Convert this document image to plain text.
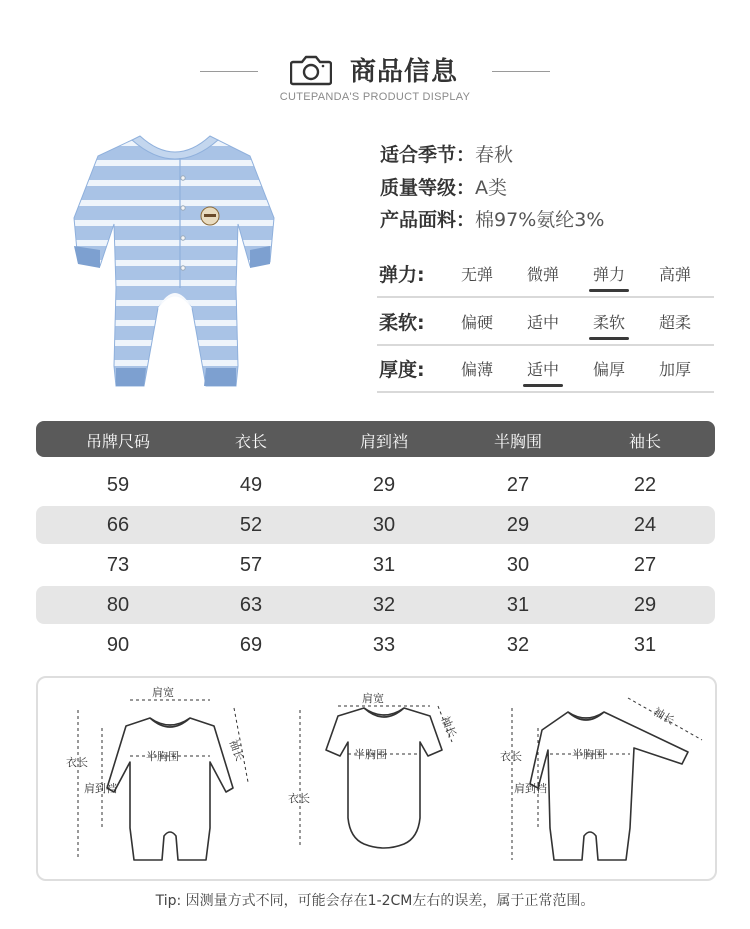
商品信息
CUTEPANDA'S PRODUCT DISPLAY
适合季节：春秋
质量等级：A类
产品面料：棉97%氨纶3%
弹力:	无弹	微弹	弹力	高弹
柔软:	偏硬	适中	柔软	超柔
厚度:	偏薄	适中	偏厚	加厚
吊牌尺码	衣长	肩到裆	半胸围	袖长
59	49	29	27	22
66	52	30	29	24
73	57	31	30	27
80	63	32	31	29
90	69	33	32	31
肩宽
半胸围
衣长
肩到裆
袖长
肩宽
半胸围
衣长
袖长
衣长
肩到裆
半胸围
袖长
Tip: 因测量方式不同，可能会存在1-2CM左右的误差，属于正常范围。
